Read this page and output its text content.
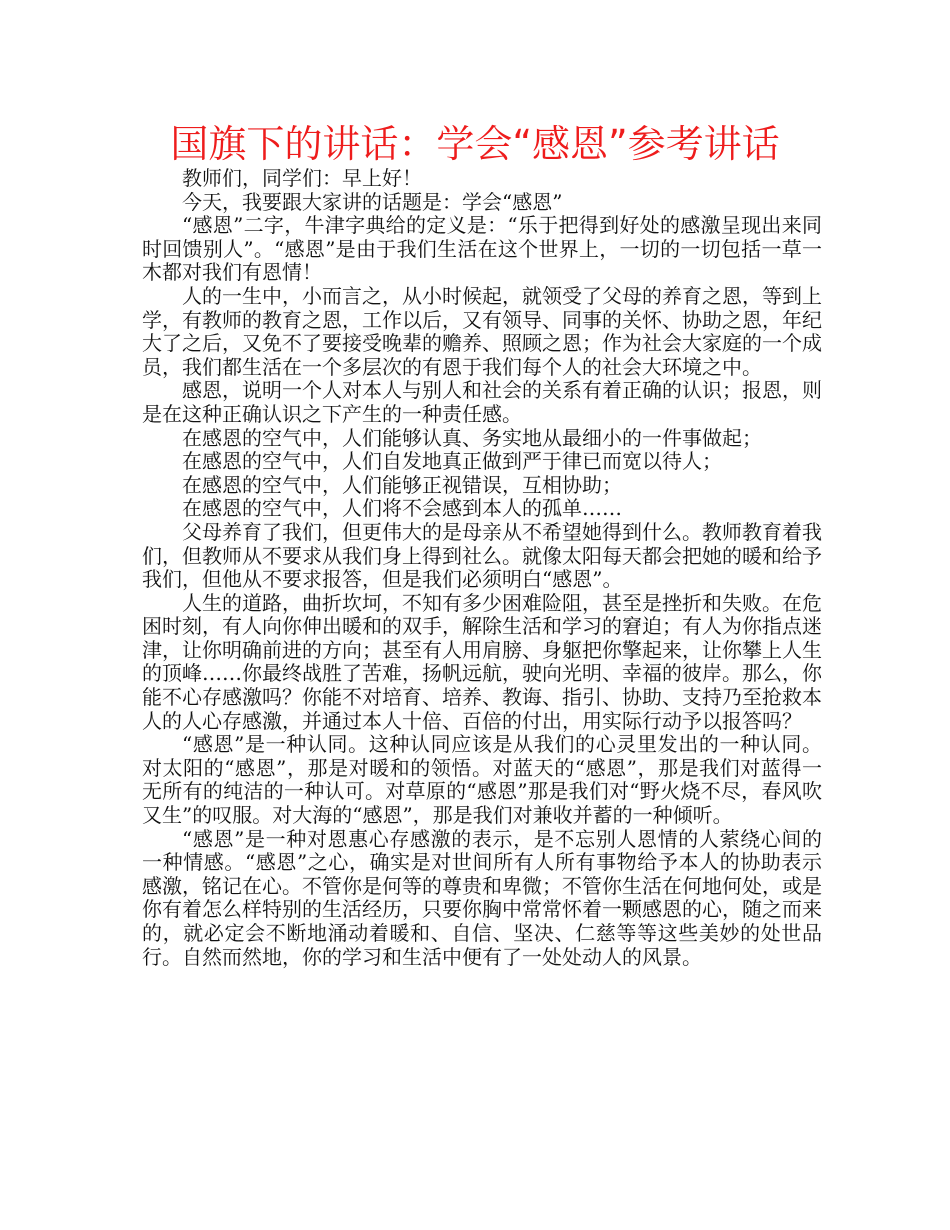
国旗下的讲话：学会“感恩”参考讲话

教师们，同学们：早上好！

今天，我要跟大家讲的话题是：学会“感恩”

“感恩”二字，牛津字典给的定义是：“乐于把得到好处的感激呈现出来同时回馈别人”。“感恩”是由于我们生活在这个世界上，一切的一切包括一草一木都对我们有恩情！

人的一生中，小而言之，从小时候起，就领受了父母的养育之恩，等到上学，有教师的教育之恩，工作以后，又有领导、同事的关怀、协助之恩，年纪大了之后，又免不了要接受晚辈的赡养、照顾之恩；作为社会大家庭的一个成员，我们都生活在一个多层次的有恩于我们每个人的社会大环境之中。

感恩，说明一个人对本人与别人和社会的关系有着正确的认识；报恩，则是在这种正确认识之下产生的一种责任感。

在感恩的空气中，人们能够认真、务实地从最细小的一件事做起；

在感恩的空气中，人们自发地真正做到严于律已而宽以待人；

在感恩的空气中，人们能够正视错误，互相协助；

在感恩的空气中，人们将不会感到本人的孤单……

父母养育了我们，但更伟大的是母亲从不希望她得到什么。教师教育着我们，但教师从不要求从我们身上得到社么。就像太阳每天都会把她的暖和给予我们，但他从不要求报答，但是我们必须明白“感恩”。

人生的道路，曲折坎坷，不知有多少困难险阻，甚至是挫折和失败。在危困时刻，有人向你伸出暖和的双手，解除生活和学习的窘迫；有人为你指点迷津，让你明确前进的方向；甚至有人用肩膀、身躯把你擎起来，让你攀上人生的顶峰……你最终战胜了苦难，扬帆远航，驶向光明、幸福的彼岸。那么，你能不心存感激吗？你能不对培育、培养、教诲、指引、协助、支持乃至抢救本人的人心存感激，并通过本人十倍、百倍的付出，用实际行动予以报答吗？

“感恩”是一种认同。这种认同应该是从我们的心灵里发出的一种认同。对太阳的“感恩”，那是对暖和的领悟。对蓝天的“感恩”，那是我们对蓝得一无所有的纯洁的一种认可。对草原的“感恩”那是我们对“野火烧不尽，春风吹又生”的叹服。对大海的“感恩”，那是我们对兼收并蓄的一种倾听。

“感恩”是一种对恩惠心存感激的表示，是不忘别人恩情的人萦绕心间的一种情感。“感恩”之心，确实是对世间所有人所有事物给予本人的协助表示感激，铭记在心。不管你是何等的尊贵和卑微；不管你生活在何地何处，或是你有着怎么样特别的生活经历，只要你胸中常常怀着一颗感恩的心，随之而来的，就必定会不断地涌动着暖和、自信、坚决、仁慈等等这些美妙的处世品行。自然而然地，你的学习和生活中便有了一处处动人的风景。
